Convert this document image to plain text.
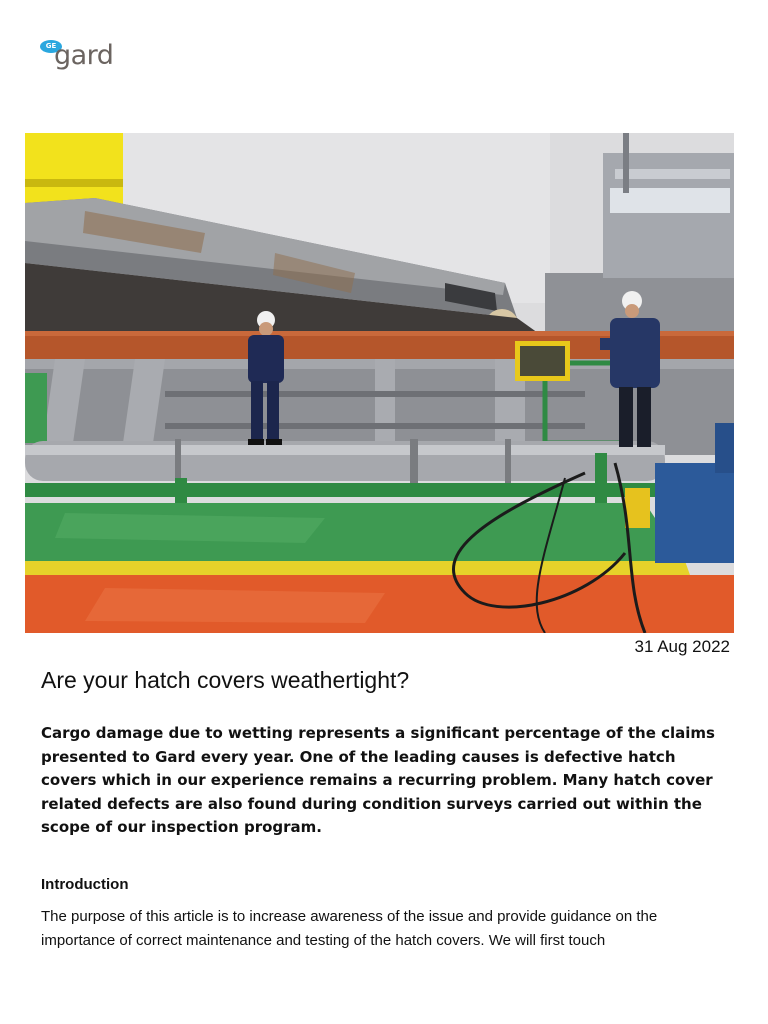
GE
gard
31 Aug 2022
Are your hatch covers weathertight?

Cargo damage due to wetting represents a significant percentage of the claims presented to Gard every year. One of the leading causes is defective hatch covers which in our experience remains a recurring problem. Many hatch cover related defects are also found during condition surveys carried out within the scope of our inspection program.

Introduction

The purpose of this article is to increase awareness of the issue and provide guidance on the importance of correct maintenance and testing of the hatch covers. We will first touch
